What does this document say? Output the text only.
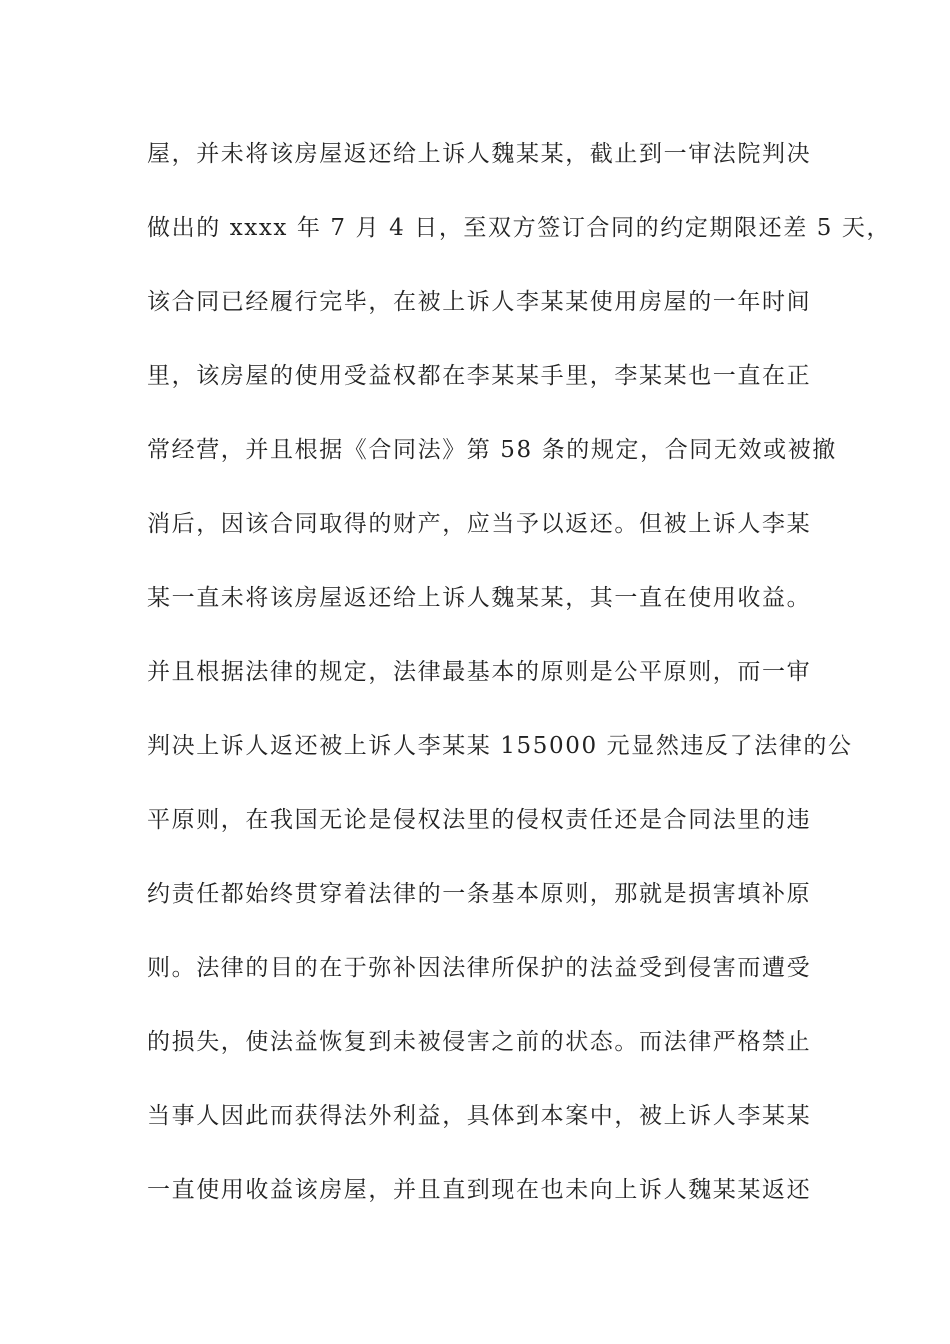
屋，并未将该房屋返还给上诉人魏某某，截止到一审法院判决
做出的 xxxx 年 7 月 4 日，至双方签订合同的约定期限还差 5 天，
该合同已经履行完毕，在被上诉人李某某使用房屋的一年时间
里，该房屋的使用受益权都在李某某手里，李某某也一直在正
常经营，并且根据《合同法》第 58 条的规定，合同无效或被撤
消后，因该合同取得的财产，应当予以返还。但被上诉人李某
某一直未将该房屋返还给上诉人魏某某，其一直在使用收益。
并且根据法律的规定，法律最基本的原则是公平原则，而一审
判决上诉人返还被上诉人李某某 155000 元显然违反了法律的公
平原则，在我国无论是侵权法里的侵权责任还是合同法里的违
约责任都始终贯穿着法律的一条基本原则，那就是损害填补原
则。法律的目的在于弥补因法律所保护的法益受到侵害而遭受
的损失，使法益恢复到未被侵害之前的状态。而法律严格禁止
当事人因此而获得法外利益，具体到本案中，被上诉人李某某
一直使用收益该房屋，并且直到现在也未向上诉人魏某某返还
